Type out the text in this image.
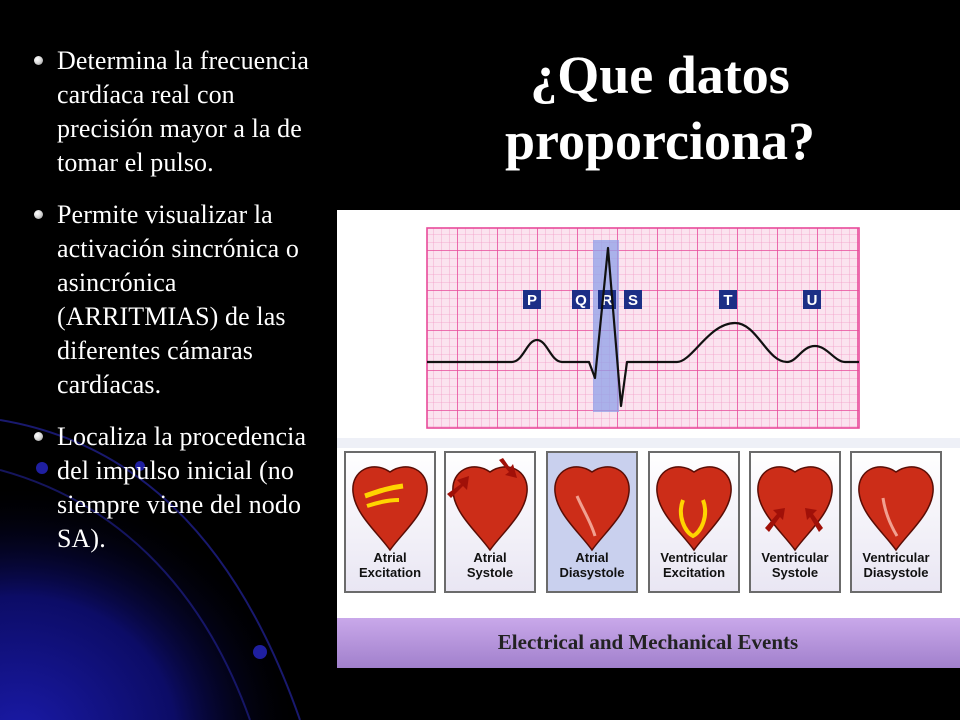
Determina la frecuencia cardíaca real con precisión mayor a la de tomar el pulso.
Permite visualizar la activación sincrónica o asincrónica (ARRITMIAS) de las diferentes cámaras cardíacas.
Localiza la procedencia del impulso inicial (no siempre viene del nodo SA).
¿Que datos proporciona?
P	Q R S	T	U
Atrial
Excitation
Atrial
Systole
Atrial
Diasystole
Ventricular
Excitation
Ventricular
Systole
Ventricular
Diasystole
Electrical and Mechanical Events
